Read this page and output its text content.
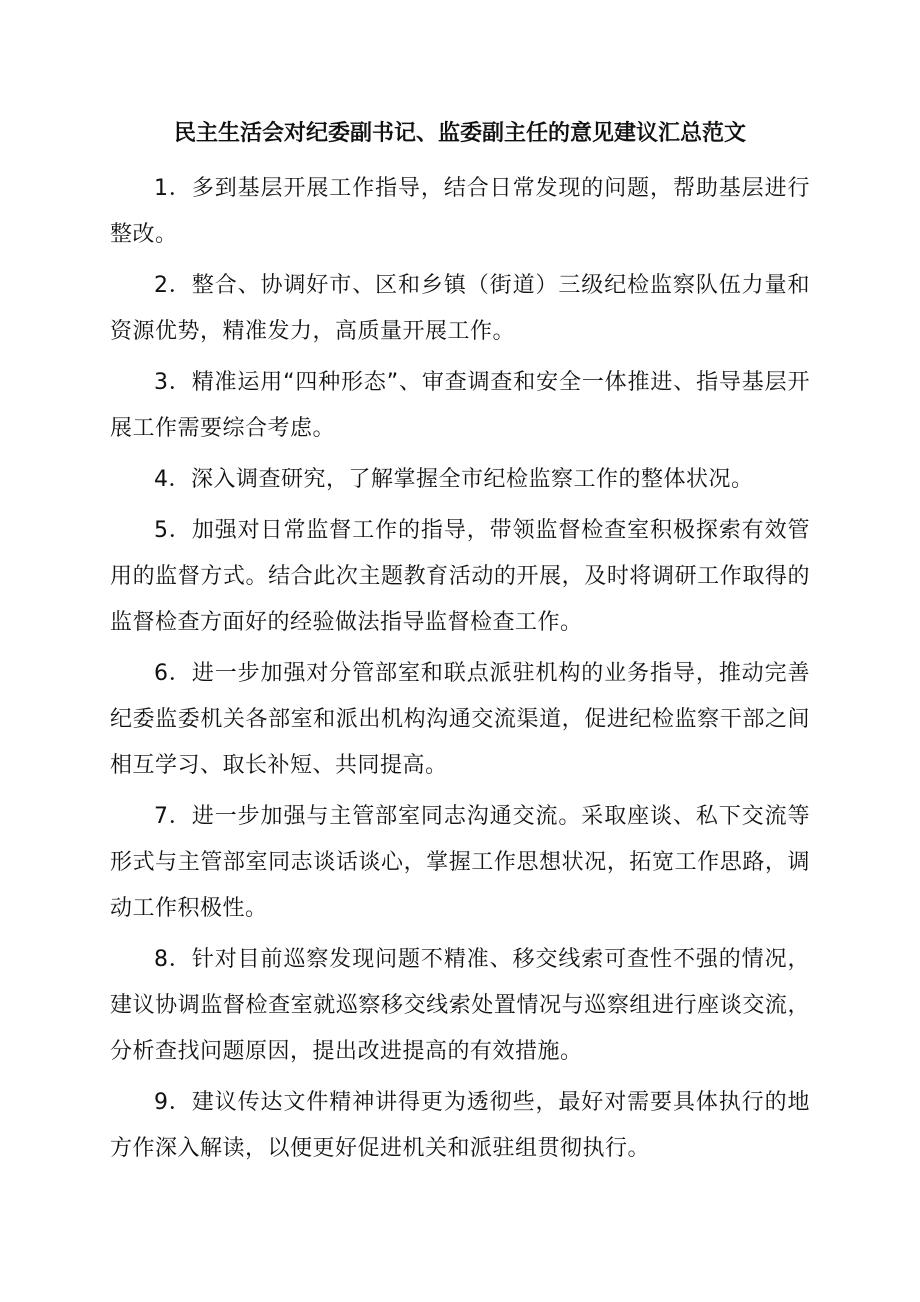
民主生活会对纪委副书记、监委副主任的意见建议汇总范文

1．多到基层开展工作指导，结合日常发现的问题，帮助基层进行整改。

2．整合、协调好市、区和乡镇（街道）三级纪检监察队伍力量和资源优势，精准发力，高质量开展工作。

3．精准运用“四种形态”、审查调查和安全一体推进、指导基层开展工作需要综合考虑。

4．深入调查研究，了解掌握全市纪检监察工作的整体状况。

5．加强对日常监督工作的指导，带领监督检查室积极探索有效管用的监督方式。结合此次主题教育活动的开展，及时将调研工作取得的监督检查方面好的经验做法指导监督检查工作。

6．进一步加强对分管部室和联点派驻机构的业务指导，推动完善纪委监委机关各部室和派出机构沟通交流渠道，促进纪检监察干部之间相互学习、取长补短、共同提高。

7．进一步加强与主管部室同志沟通交流。采取座谈、私下交流等形式与主管部室同志谈话谈心，掌握工作思想状况，拓宽工作思路，调动工作积极性。

8．针对目前巡察发现问题不精准、移交线索可查性不强的情况，建议协调监督检查室就巡察移交线索处置情况与巡察组进行座谈交流，分析查找问题原因，提出改进提高的有效措施。

9．建议传达文件精神讲得更为透彻些，最好对需要具体执行的地方作深入解读，以便更好促进机关和派驻组贯彻执行。
